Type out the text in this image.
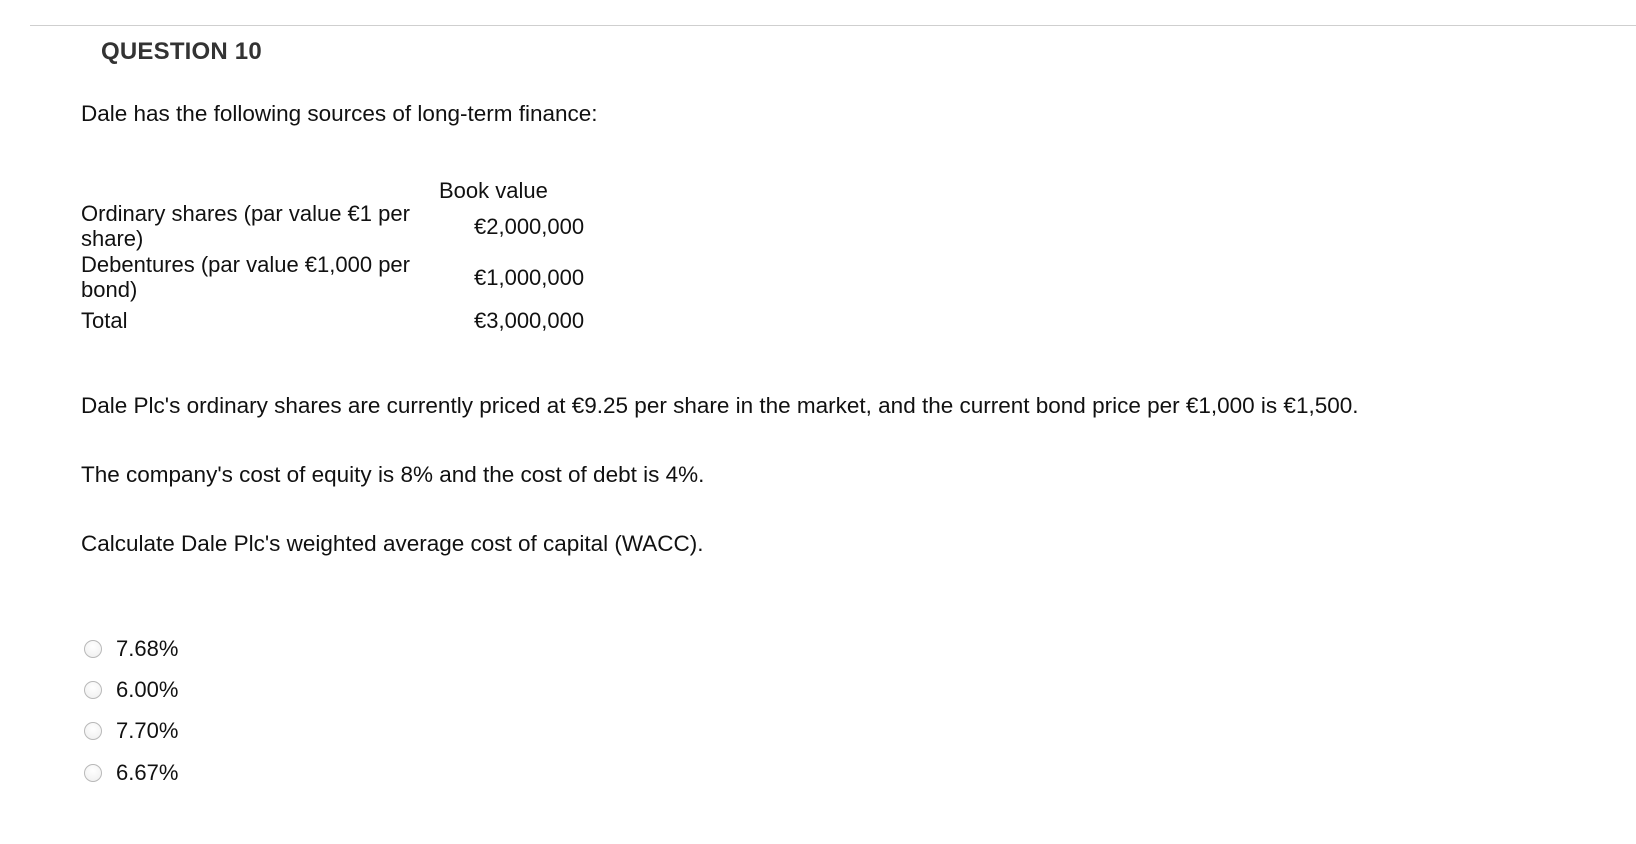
QUESTION 10
Dale has the following sources of long-term finance:
Book value
Ordinary shares (par value €1 per share)	€2,000,000
Debentures (par value €1,000 per bond)	€1,000,000
Total	€3,000,000
Dale Plc's ordinary shares are currently priced at €9.25 per share in the market, and the current bond price per €1,000 is €1,500.
The company's cost of equity is 8% and the cost of debt is 4%.
Calculate Dale Plc's weighted average cost of capital (WACC).
7.68%
6.00%
7.70%
6.67%
